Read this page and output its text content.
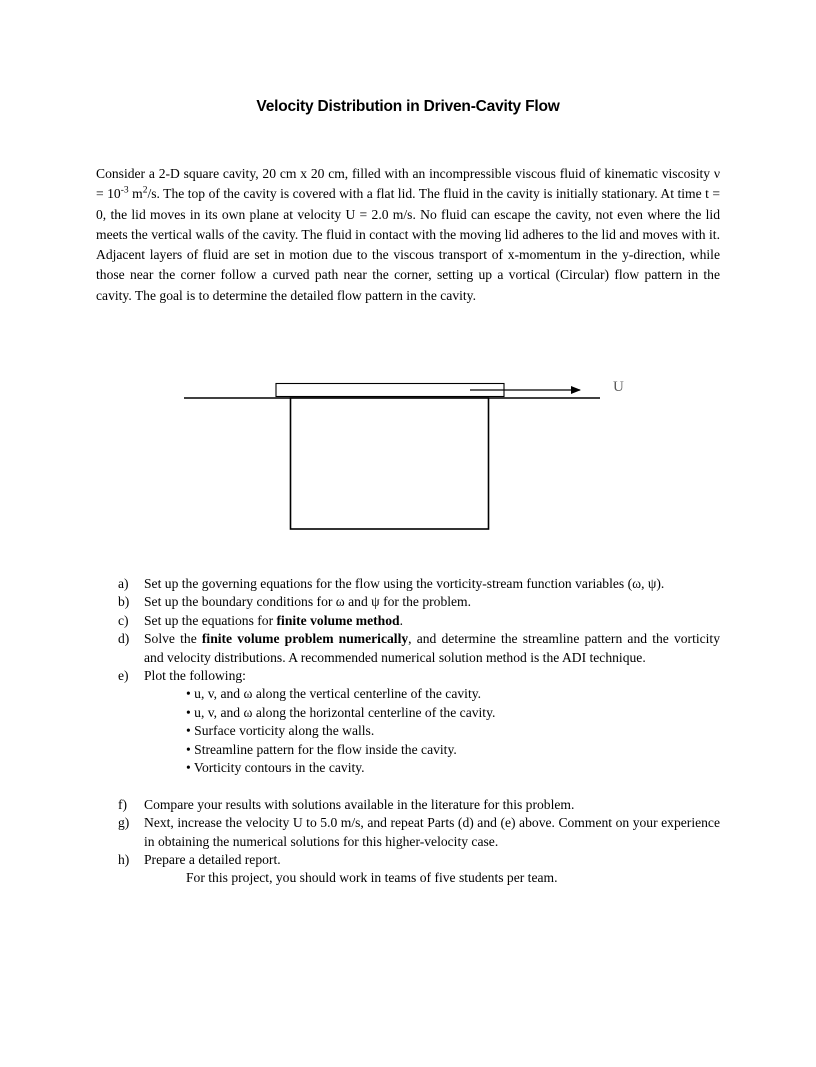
Velocity Distribution in Driven-Cavity Flow

Consider a 2-D square cavity, 20 cm x 20 cm, filled with an incompressible viscous fluid of kinematic viscosity $\nu = 10^{-3}$ $m^2/s$. The top of the cavity is covered with a flat lid. The fluid in the cavity is initially stationary. At time t = 0, the lid moves in its own plane at velocity U = 2.0 m/s. No fluid can escape the cavity, not even where the lid meets the vertical walls of the cavity. The fluid in contact with the moving lid adheres to the lid and moves with it. Adjacent layers of fluid are set in motion due to the viscous transport of x-momentum in the y-direction, while those near the corner follow a curved path near the corner, setting up a vortical (Circular) flow pattern in the cavity. The goal is to determine the detailed flow pattern in the cavity.

U
a)	Set up the governing equations for the flow using the vorticity-stream function variables (ω, ψ).
b)	Set up the boundary conditions for ω and ψ for the problem.
c)	Set up the equations for finite volume method.
d)	Solve the finite volume problem numerically, and determine the streamline pattern and the vorticity and velocity distributions. A recommended numerical solution method is the ADI technique.
e)	Plot the following:
• u, v, and ω along the vertical centerline of the cavity.
• u, v, and ω along the horizontal centerline of the cavity.
• Surface vorticity along the walls.
• Streamline pattern for the flow inside the cavity.
• Vorticity contours in the cavity.
f)	Compare your results with solutions available in the literature for this problem.
g)	Next, increase the velocity U to 5.0 m/s, and repeat Parts (d) and (e) above. Comment on your experience in obtaining the numerical solutions for this higher-velocity case.
h)	Prepare a detailed report.
For this project, you should work in teams of five students per team.
